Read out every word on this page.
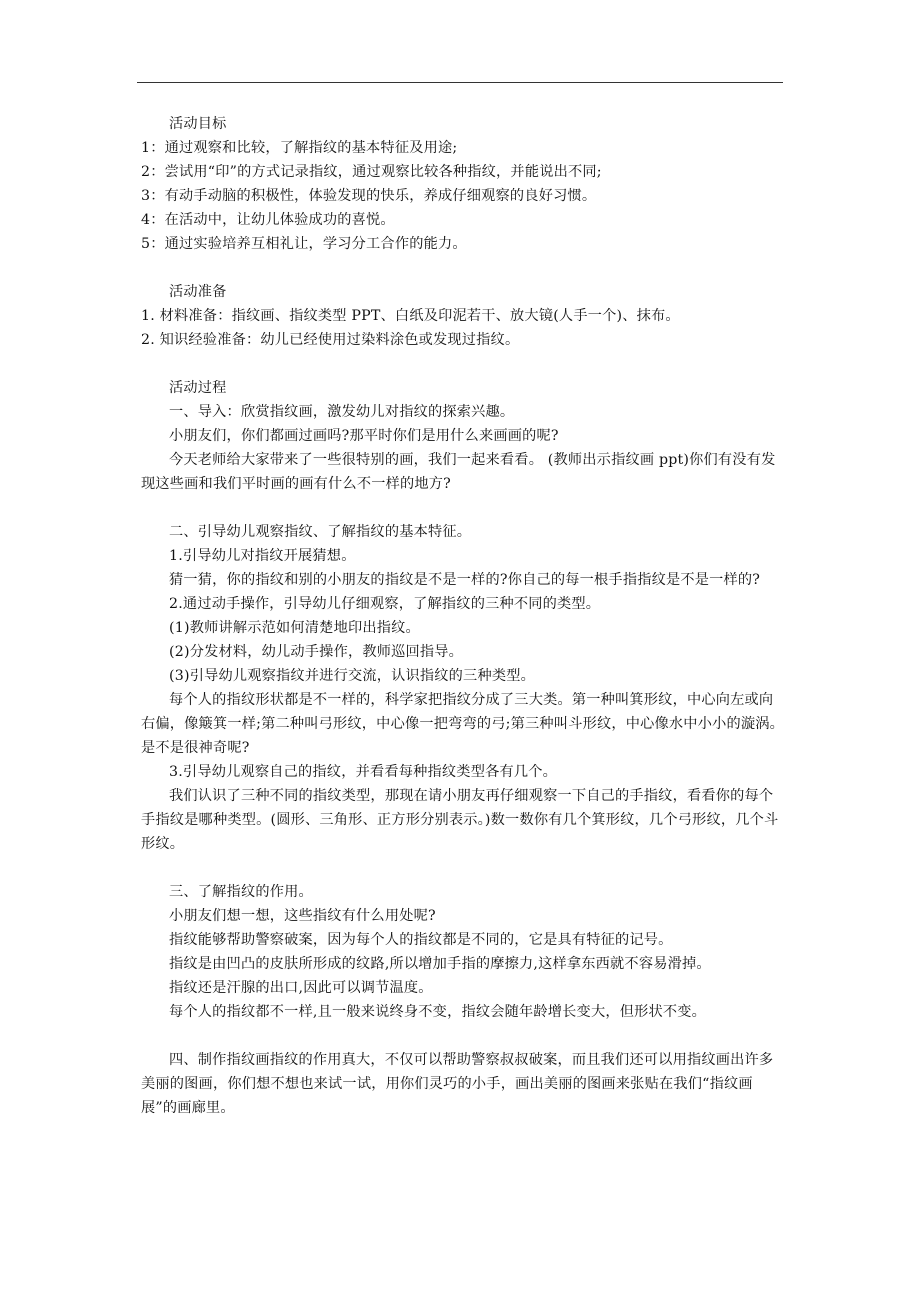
活动目标

1：通过观察和比较，了解指纹的基本特征及用途;

2：尝试用“印”的方式记录指纹，通过观察比较各种指纹，并能说出不同;

3：有动手动脑的积极性，体验发现的快乐，养成仔细观察的良好习惯。

4：在活动中，让幼儿体验成功的喜悦。

5：通过实验培养互相礼让，学习分工合作的能力。

活动准备

1. 材料准备：指纹画、指纹类型 PPT、白纸及印泥若干、放大镜(人手一个)、抹布。

2. 知识经验准备：幼儿已经使用过染料涂色或发现过指纹。

活动过程

一、导入：欣赏指纹画，激发幼儿对指纹的探索兴趣。

小朋友们，你们都画过画吗?那平时你们是用什么来画画的呢?

今天老师给大家带来了一些很特别的画，我们一起来看看。 (教师出示指纹画 ppt)你们有没有发现这些画和我们平时画的画有什么不一样的地方?

二、引导幼儿观察指纹、了解指纹的基本特征。

1.引导幼儿对指纹开展猜想。

猜一猜，你的指纹和别的小朋友的指纹是不是一样的?你自己的每一根手指指纹是不是一样的?

2.通过动手操作，引导幼儿仔细观察，了解指纹的三种不同的类型。

(1)教师讲解示范如何清楚地印出指纹。

(2)分发材料，幼儿动手操作，教师巡回指导。

(3)引导幼儿观察指纹并进行交流，认识指纹的三种类型。

每个人的指纹形状都是不一样的，科学家把指纹分成了三大类。第一种叫箕形纹，中心向左或向右偏，像簸箕一样;第二种叫弓形纹，中心像一把弯弯的弓;第三种叫斗形纹，中心像水中小小的漩涡。是不是很神奇呢?

3.引导幼儿观察自己的指纹，并看看每种指纹类型各有几个。

我们认识了三种不同的指纹类型，那现在请小朋友再仔细观察一下自己的手指纹，看看你的每个手指纹是哪种类型。(圆形、三角形、正方形分别表示。)数一数你有几个箕形纹，几个弓形纹，几个斗形纹。

三、了解指纹的作用。

小朋友们想一想，这些指纹有什么用处呢?

指纹能够帮助警察破案，因为每个人的指纹都是不同的，它是具有特征的记号。

指纹是由凹凸的皮肤所形成的纹路,所以增加手指的摩擦力,这样拿东西就不容易滑掉。

指纹还是汗腺的出口,因此可以调节温度。

每个人的指纹都不一样,且一般来说终身不变，指纹会随年龄增长变大，但形状不变。

四、制作指纹画指纹的作用真大，不仅可以帮助警察叔叔破案，而且我们还可以用指纹画出许多美丽的图画，你们想不想也来试一试，用你们灵巧的小手，画出美丽的图画来张贴在我们“指纹画展”的画廊里。
